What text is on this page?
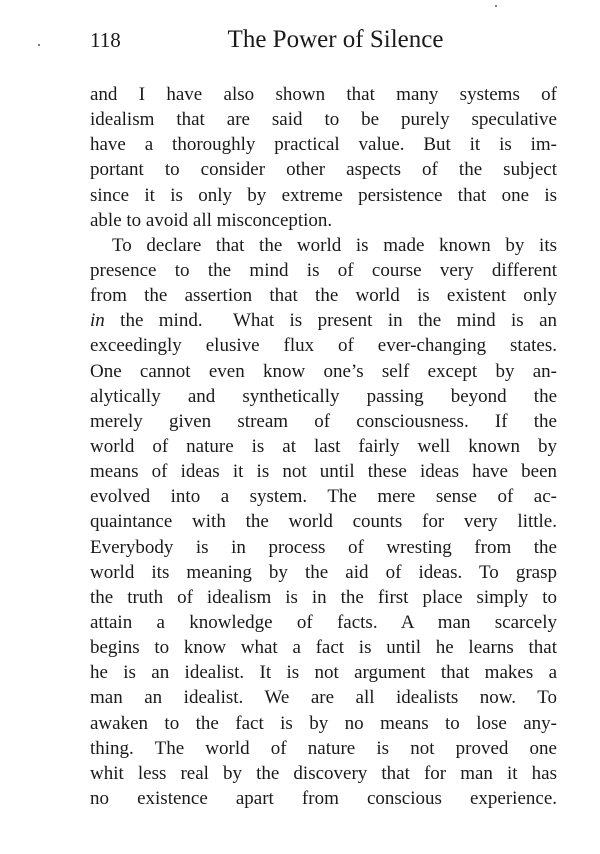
118	The Power of Silence
and I have also shown that many systems of
idealism that are said to be purely speculative
have a thoroughly practical value. But it is im-
portant to consider other aspects of the subject
since it is only by extreme persistence that one is
able to avoid all misconception.
To declare that the world is made known by its
presence to the mind is of course very different
from the assertion that the world is existent only
in the mind.  What is present in the mind is an
exceedingly elusive flux of ever-changing states.
One cannot even know one’s self except by an-
alytically and synthetically passing beyond the
merely given stream of consciousness. If the
world of nature is at last fairly well known by
means of ideas it is not until these ideas have been
evolved into a system. The mere sense of ac-
quaintance with the world counts for very little.
Everybody is in process of wresting from the
world its meaning by the aid of ideas. To grasp
the truth of idealism is in the first place simply to
attain a knowledge of facts. A man scarcely
begins to know what a fact is until he learns that
he is an idealist. It is not argument that makes a
man an idealist. We are all idealists now. To
awaken to the fact is by no means to lose any-
thing. The world of nature is not proved one
whit less real by the discovery that for man it has
no existence apart from conscious experience.
